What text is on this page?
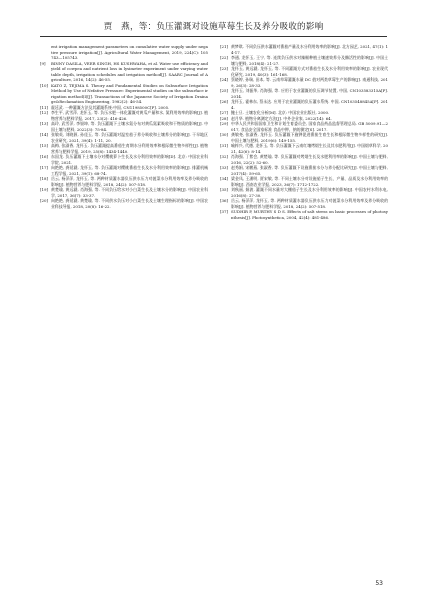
贾　燕，等：负压灌溉对设施草莓生长及养分吸收的影响

ent irrigation management parameters on cumulative water supply under negative pressure irrigation[J]. Agricultural Water Management, 2019, 224(C): 105743—105743.

[9] BINNY DASILA, VEER SINGH, HS KUSHWAHA, et al. Water use efficiency and yield of cowpea and nutrient loss in lysimeter experiment under varying water table depth, irrigation schedules and irrigation method[J]. SAARC Journal of Agriculture, 2016, 14(2): 46-55.

[10] KATO Z, TEJIMA S. Theory and Fundamental Studies on Subsurface Irrigation Method by Use of Nefative Pressure: Experimental studies on the subsurface irrigation method(I)[J]. Transactions of the Japanese Society of Irrigation Drainage&Reclamation Engineering, 1982(2): 46-54.

[11] 霍廷武. 一种灌溉方法及其灌溉系统:中国, CN1198500C[P]. 2005.

[12] 李生平, 武雪萍, 龙怀玉, 等. 负压水肥一体化灌溉对黄瓜产量和水, 氮利用效率的影响[J]. 植物营养与肥料学报, 2017, 23(2): 416-426.

[13] 高玲, 武雪萍, 李银坤, 等. 负压灌溉下土壤水氮分布对黄瓜氮素吸收和干物质的影响[J]. 中国土壤与肥料, 2022(3): 75-84.

[14] 张敏英, 刘晓源, 孙佳玉, 等. 负压灌溉对温室茄子养分吸收和土壤养分的影响[J]. 干旱地区农业研究, 2021, 39(4): 1-11, 20.

[15] 高梅, 张淑香, 龙怀玉. 负压灌溉提高番茄生育期水分利用效率和根际微生物多样性[J]. 植物营养与肥料学报, 2019, 25(8): 1434-1440.

[16] 东国龙. 负压灌溉下土壤水分对樱桃萝卜生长及水分利用效率的影响[D]. 北京: 中国农业科学院, 2021.

[17] 向艳艳, 龚延涵, 龙怀玉, 等. 负压灌溉对樱桃番茄生长及水分利用效率的影响[J]. 排灌机械工程学报, 2021, 39(1): 68-74.

[18] 岳云, 杨萍萍, 龙怀玉, 等. 两种材质灌水器负压供水压力对菠菜水分利用效率及养分吸收的影响[J]. 植物营养与肥料学报, 2018, 24(2): 507-518.

[19] 黄楚瑜, 黄远涵, 肖海强, 等. 不同负压给水对小白菜生长及土壤水分的影响[J]. 中国农业科学, 2017, 36(7): 33-37.

[20] 向艳艳, 龚延涵, 黄楚瑜, 等. 不同供水负压对小白菜生长及土壤生理指标的影响[J]. 中国农业科技导报, 2018, 20(8): 16-22.

[21] 黄梦琪. 不同负压供水灌溉对番茄产量及水分利用效率的影响[J]. 北方园艺, 2021, 47(1): 14-17.

[22] 李通, 龙怀玉, 王宁, 等. 连续负压供水对辣椒种植土壤速效养分及酶活性的影响[J]. 中国土壤与肥料, 2018(4): 21-27.

[23] 龙怀玉, 黄远涵, 龙怀玉, 等. 不同灌溉方式对番茄生长及水分利用效率的影响[J]. 农业现代化研究, 2019, 40(3): 161-168.

[24] 蔡晓婷, 孙瑞, 田本, 等. 云南草莓灌溉水量 DC 值对两类草莓生产的影响[J]. 南通科技, 2019, 26(3): 28-33.

[25] 龙怀玉, 刘振华, 肖海强, 等. 应用于农业灌溉的负压调节装置, 中国, CN103583315A[P]. 2014.

[26] 龙怀玉, 霍林东, 蔡永达. 应用于农业灌溉的负压灌水系统. 中国, CN103548845A[P]. 2014.

[27] 鲍士旦. 土壤农化分析[M]. 北京: 中国农业出版社, 2000.

[28] 赵月华. 植物分离测定方法[J]. 中外企业家, 2022(14): 64.

[29] 中华人民共和国国家卫生和计划生育委员会, 国家食品药品监督管理总局. GB 5009.91—2017, 食品安全国家标准 食品中钾、钠的测定[S]. 2017.

[30] 龚敏尧, 张淑香, 龙怀玉. 负压灌溉下施钾促进番茄生育生长和根际微生物多样性的研究[J]. 中国土壤与肥料, 2019(6): 149-155.

[31] 喻梓兴, 代德, 龙怀玉, 等. 负压灌溉下云南红壤烤烟生长及其水肥利用[J]. 中国烟草科学, 2021, 42(6): 8-14.

[32] 肖海强, 丁紫会, 黄楚瑜, 等. 负压灌溉对烤烟生长及水肥利用率的影响[J]. 中国土壤与肥料, 2016, 22(2): 52-60.

[33] 赵秀娟, 宋鹏燕, 张淑香, 等. 负压灌溉下设施番茄水分与养分配比研究[J]. 中国土壤与肥料, 2017(4): 59-65.

[34] 梁金凤, 王潘明, 贾宋敏, 等. 不同土壤水分对设施茄子生长、产量、品质及水分利用效率的影响[J]. 西南农业学报, 2023, 36(7): 1712-1722.

[35] 刘秋丽, 娟波. 灌溉不同水量对大棚茄子生长及水分利用效率的影响[J]. 中国农村水利水电, 2016(8): 27-30.

[36] 岳云, 杨萍萍, 龙怀玉, 等. 两种材质灌水器负压供水压力对菠菜水分利用效率及养分吸收的影响[J]. 植物营养与肥料学报, 2018, 24(2): 507-518.

[37] SUDHIR P, MURTHY S D S. Effects of salt stress on basic processes of photosynthesis[J]. Photosynthetica, 2004, 42(4): 481-486.

53
